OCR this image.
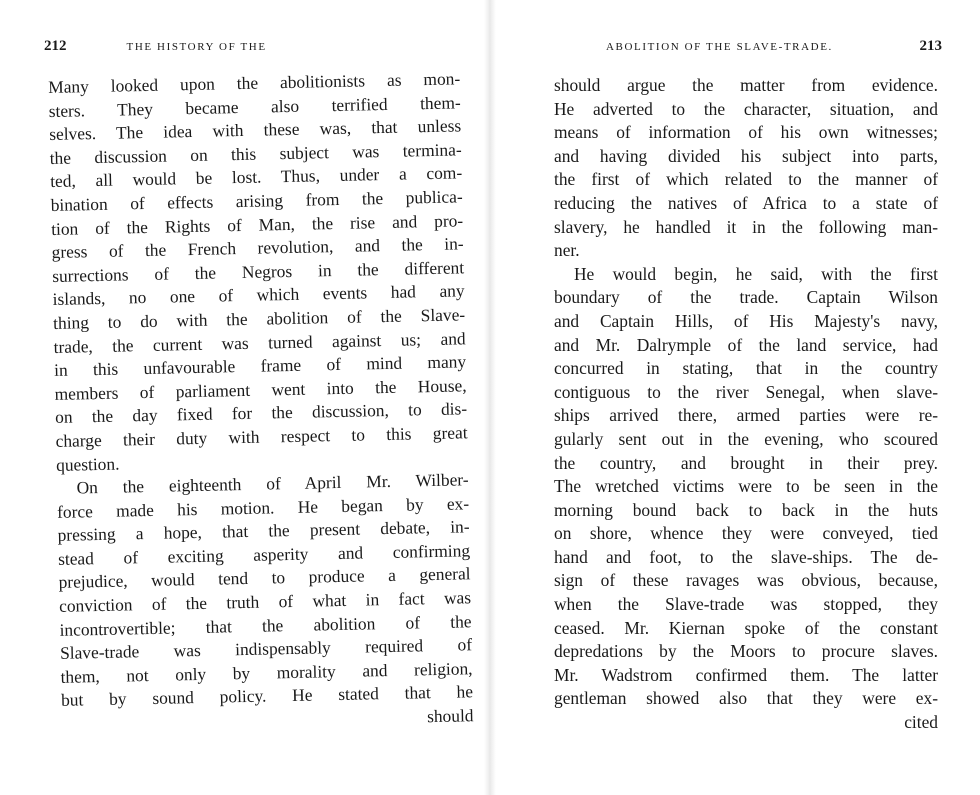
212	THE HISTORY OF THE
Many looked upon the abolitionists as mon-
sters. They became also terrified them-
selves. The idea with these was, that unless
the discussion on this subject was termina-
ted, all would be lost. Thus, under a com-
bination of effects arising from the publica-
tion of the Rights of Man, the rise and pro-
gress of the French revolution, and the in-
surrections of the Negros in the different
islands, no one of which events had any
thing to do with the abolition of the Slave-
trade, the current was turned against us; and
in this unfavourable frame of mind many
members of parliament went into the House,
on the day fixed for the discussion, to dis-
charge their duty with respect to this great
question.
On the eighteenth of April Mr. Wilber-
force made his motion. He began by ex-
pressing a hope, that the present debate, in-
stead of exciting asperity and confirming
prejudice, would tend to produce a general
conviction of the truth of what in fact was
incontrovertible; that the abolition of the
Slave-trade was indispensably required of
them, not only by morality and religion,
but by sound policy. He stated that he
should
ABOLITION OF THE SLAVE-TRADE.	213
should argue the matter from evidence.
He adverted to the character, situation, and
means of information of his own witnesses;
and having divided his subject into parts,
the first of which related to the manner of
reducing the natives of Africa to a state of
slavery, he handled it in the following man-
ner.
He would begin, he said, with the first
boundary of the trade. Captain Wilson
and Captain Hills, of His Majesty's navy,
and Mr. Dalrymple of the land service, had
concurred in stating, that in the country
contiguous to the river Senegal, when slave-
ships arrived there, armed parties were re-
gularly sent out in the evening, who scoured
the country, and brought in their prey.
The wretched victims were to be seen in the
morning bound back to back in the huts
on shore, whence they were conveyed, tied
hand and foot, to the slave-ships. The de-
sign of these ravages was obvious, because,
when the Slave-trade was stopped, they
ceased. Mr. Kiernan spoke of the constant
depredations by the Moors to procure slaves.
Mr. Wadstrom confirmed them. The latter
gentleman showed also that they were ex-
cited
